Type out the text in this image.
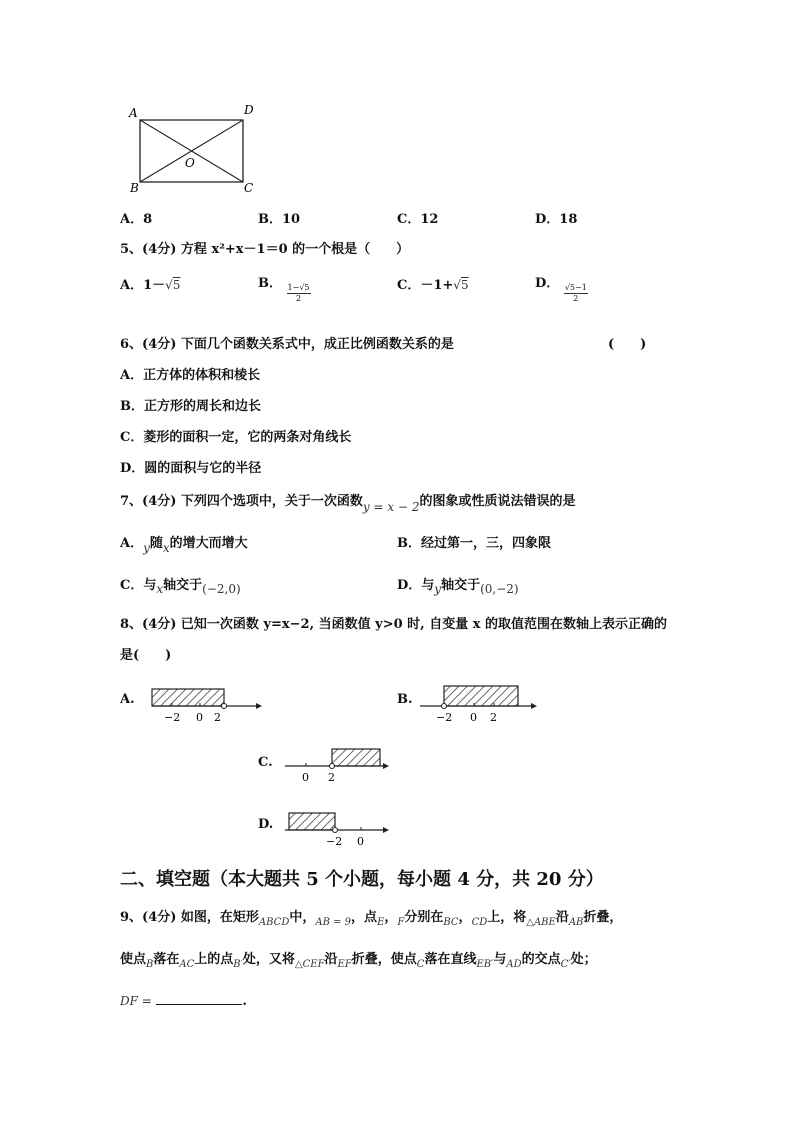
A	D
B	C
O
A．8	B．10	C．12	D．18
5、(4分) 方程 x²+x－1＝0 的一个根是（　　）
A．1－√5	B． $\frac{1-√5}{2}$	C．－1+√5	D． $\frac{√5-1}{2}$
6、(4分) 下面几个函数关系式中，成正比例函数关系的是	(　　)
A．正方体的体积和棱长
B．正方形的周长和边长
C．菱形的面积一定，它的两条对角线长
D．圆的面积与它的半径
7、(4分) 下列四个选项中，关于一次函数y = x − 2的图象或性质说法错误的是
A．y随x的增大而增大	B．经过第一，三，四象限
C．与x轴交于(−2,0)	D．与y轴交于(0,−2)
8、(4分) 已知一次函数 y=x−2, 当函数值 y>0 时, 自变量 x 的取值范围在数轴上表示正确的
是(　　)
A.
−2 0 2
B.
−2 0 2
C.
0 2
D.
−2 0
二、填空题（本大题共 5 个小题，每小题 4 分，共 20 分）
9、(4分) 如图，在矩形$_{ABCD}$中，$_{AB = 9}$，点$_E$，$_F$分别在$_{BC}$，$_{CD}$上，将$_{\triangle ABE}$沿$_{AB}$折叠，
使点$_B$落在$_{AC}$上的点$_{B'}$处，又将$_{\triangle CEF}$沿$_{EF}$折叠，使点$_C$落在直线$_{EB'}$与$_{AD}$的交点$_{C'}$处；
DF =	.
